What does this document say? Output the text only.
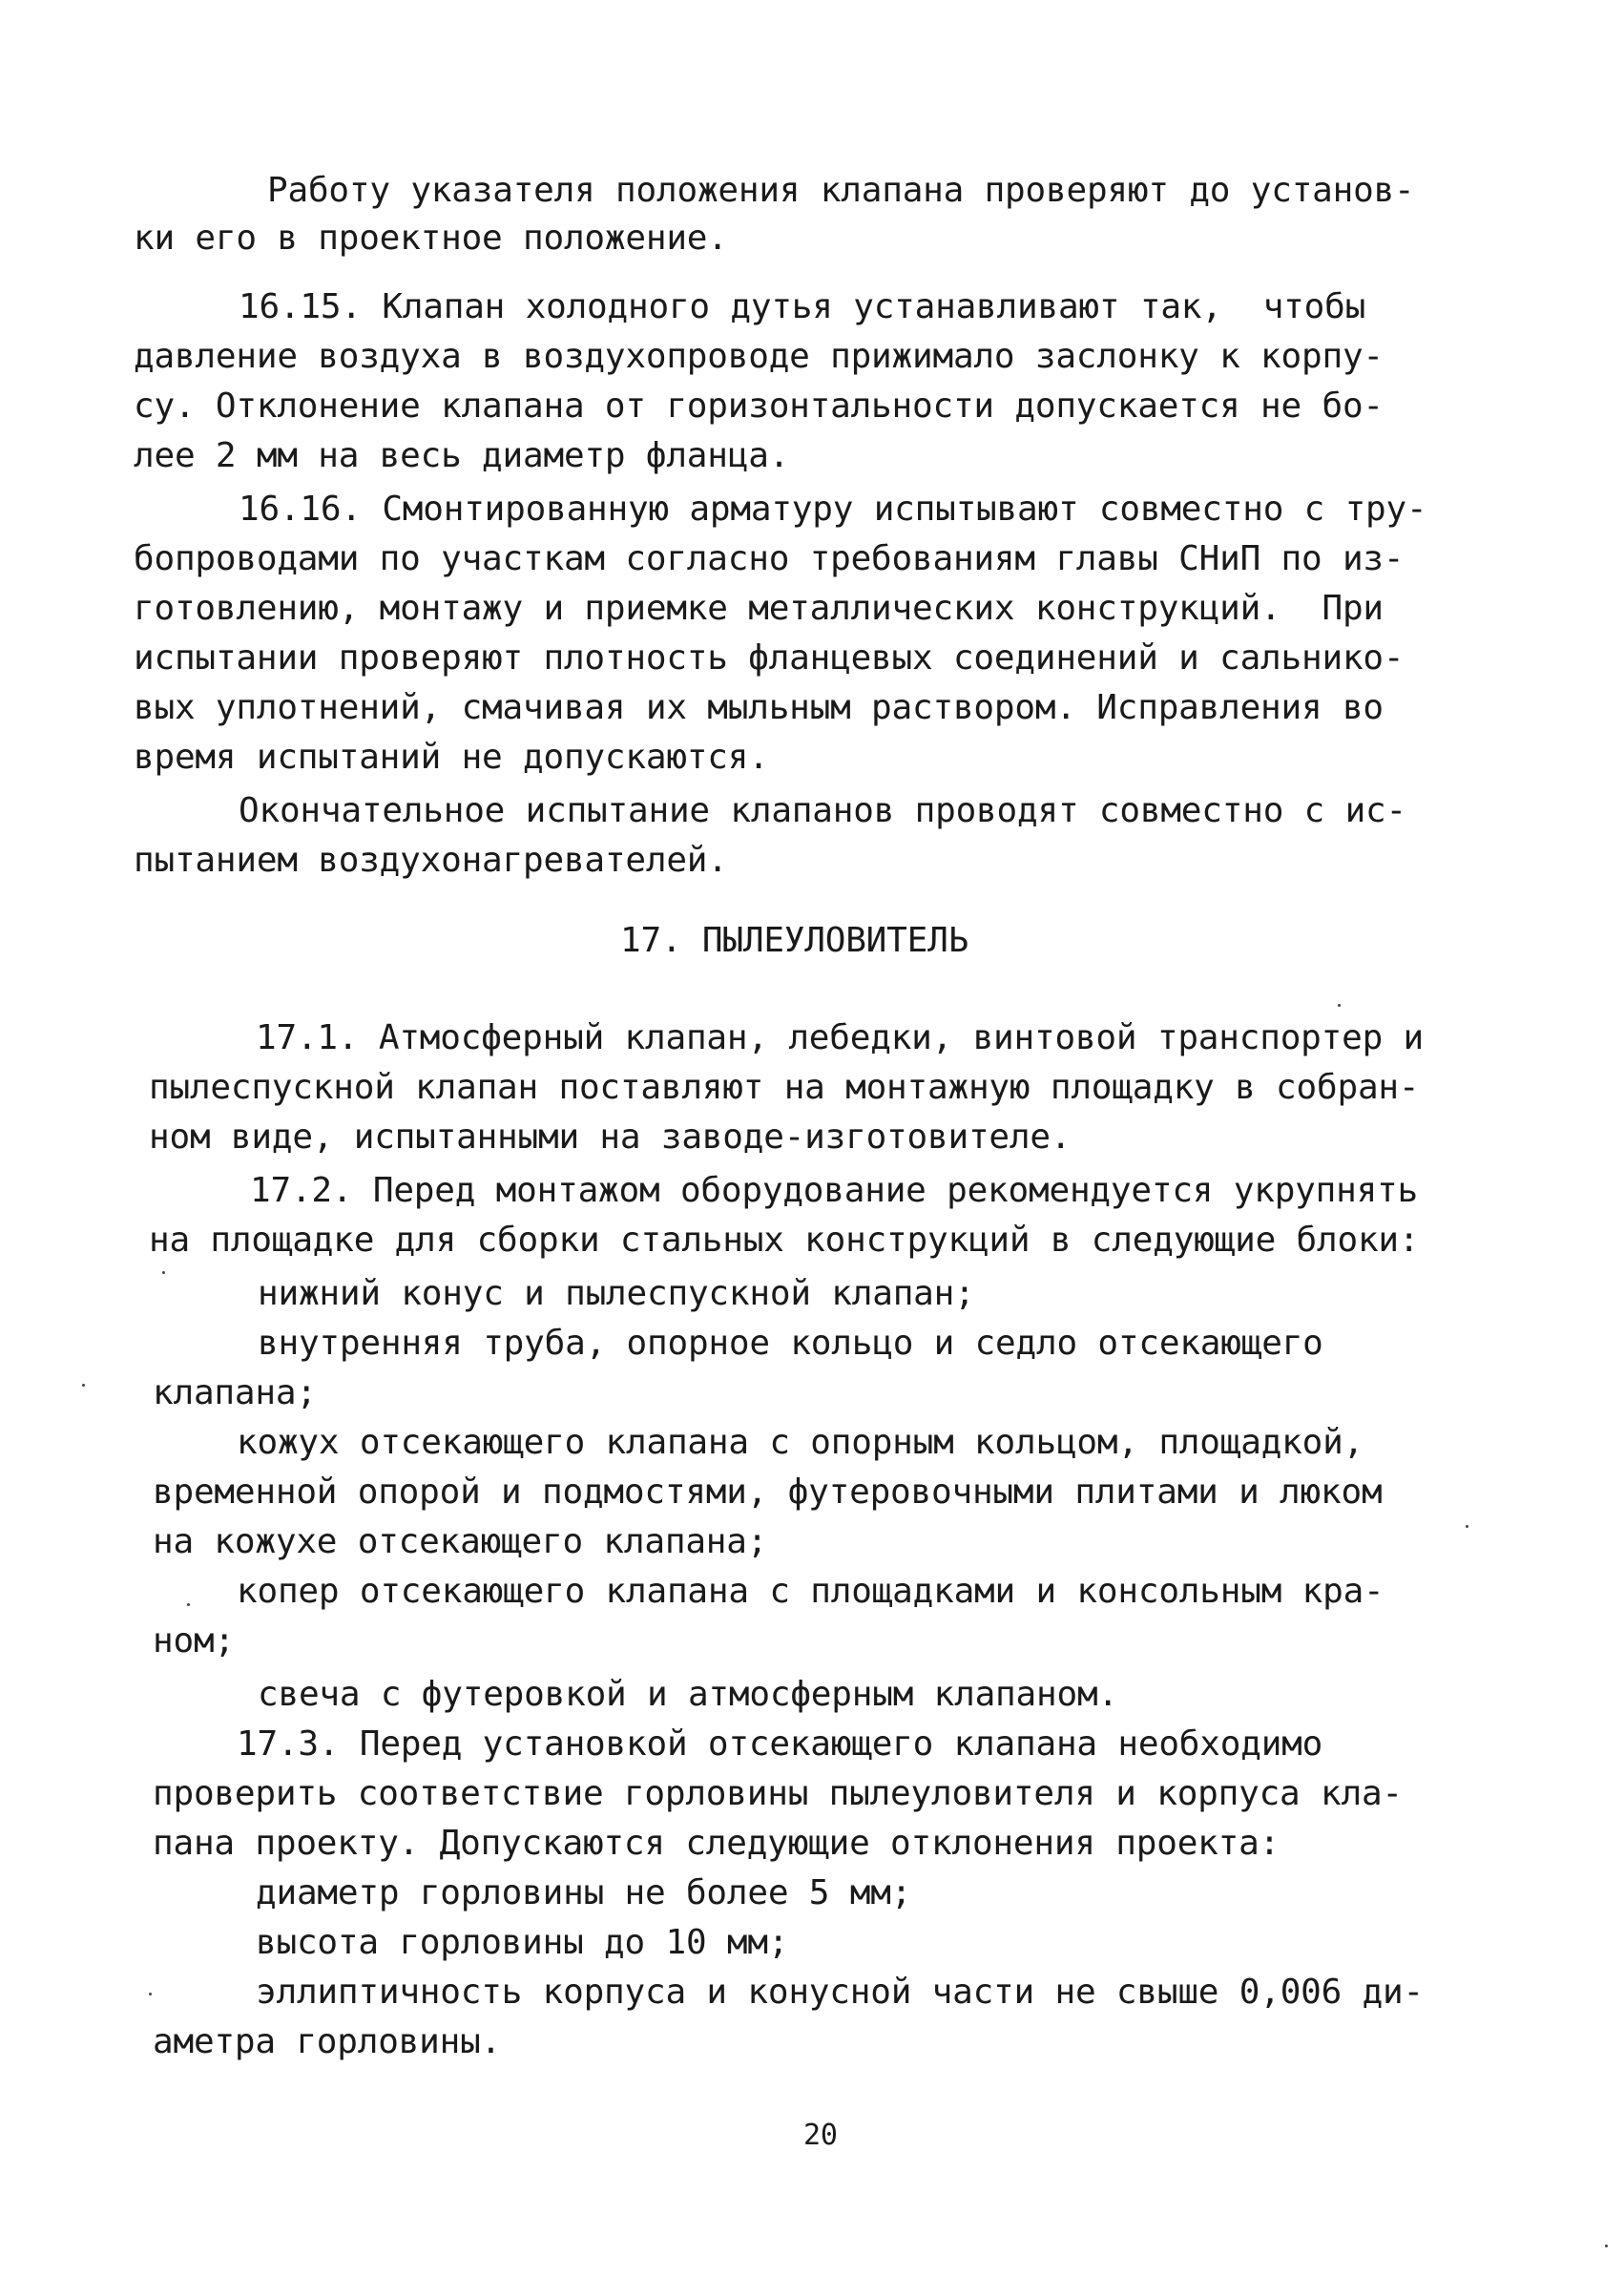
Работу указателя положения клапана проверяют до установ-
ки его в проектное положение.
16.15. Клапан холодного дутья устанавливают так,  чтобы
давление воздуха в воздухопроводе прижимало заслонку к корпу-
су. Отклонение клапана от горизонтальности допускается не бо-
лее 2 мм на весь диаметр фланца.
16.16. Смонтированную арматуру испытывают совместно с тру-
бопроводами по участкам согласно требованиям главы СНиП по из-
готовлению, монтажу и приемке металлических конструкций.  При
испытании проверяют плотность фланцевых соединений и сальнико-
вых уплотнений, смачивая их мыльным раствором. Исправления во
время испытаний не допускаются.
Окончательное испытание клапанов проводят совместно с ис-
пытанием воздухонагревателей.
17. ПЫЛЕУЛОВИТЕЛЬ
17.1. Атмосферный клапан, лебедки, винтовой транспортер и
пылеспускной клапан поставляют на монтажную площадку в собран-
ном виде, испытанными на заводе-изготовителе.
17.2. Перед монтажом оборудование рекомендуется укрупнять
на площадке для сборки стальных конструкций в следующие блоки:
нижний конус и пылеспускной клапан;
внутренняя труба, опорное кольцо и седло отсекающего
клапана;
кожух отсекающего клапана с опорным кольцом, площадкой,
временной опорой и подмостями, футеровочными плитами и люком
на кожухе отсекающего клапана;
копер отсекающего клапана с площадками и консольным кра-
ном;
свеча с футеровкой и атмосферным клапаном.
17.3. Перед установкой отсекающего клапана необходимо
проверить соответствие горловины пылеуловителя и корпуса кла-
пана проекту. Допускаются следующие отклонения проекта:
диаметр горловины не более 5 мм;
высота горловины до 10 мм;
эллиптичность корпуса и конусной части не свыше 0,006 ди-
аметра горловины.
20
